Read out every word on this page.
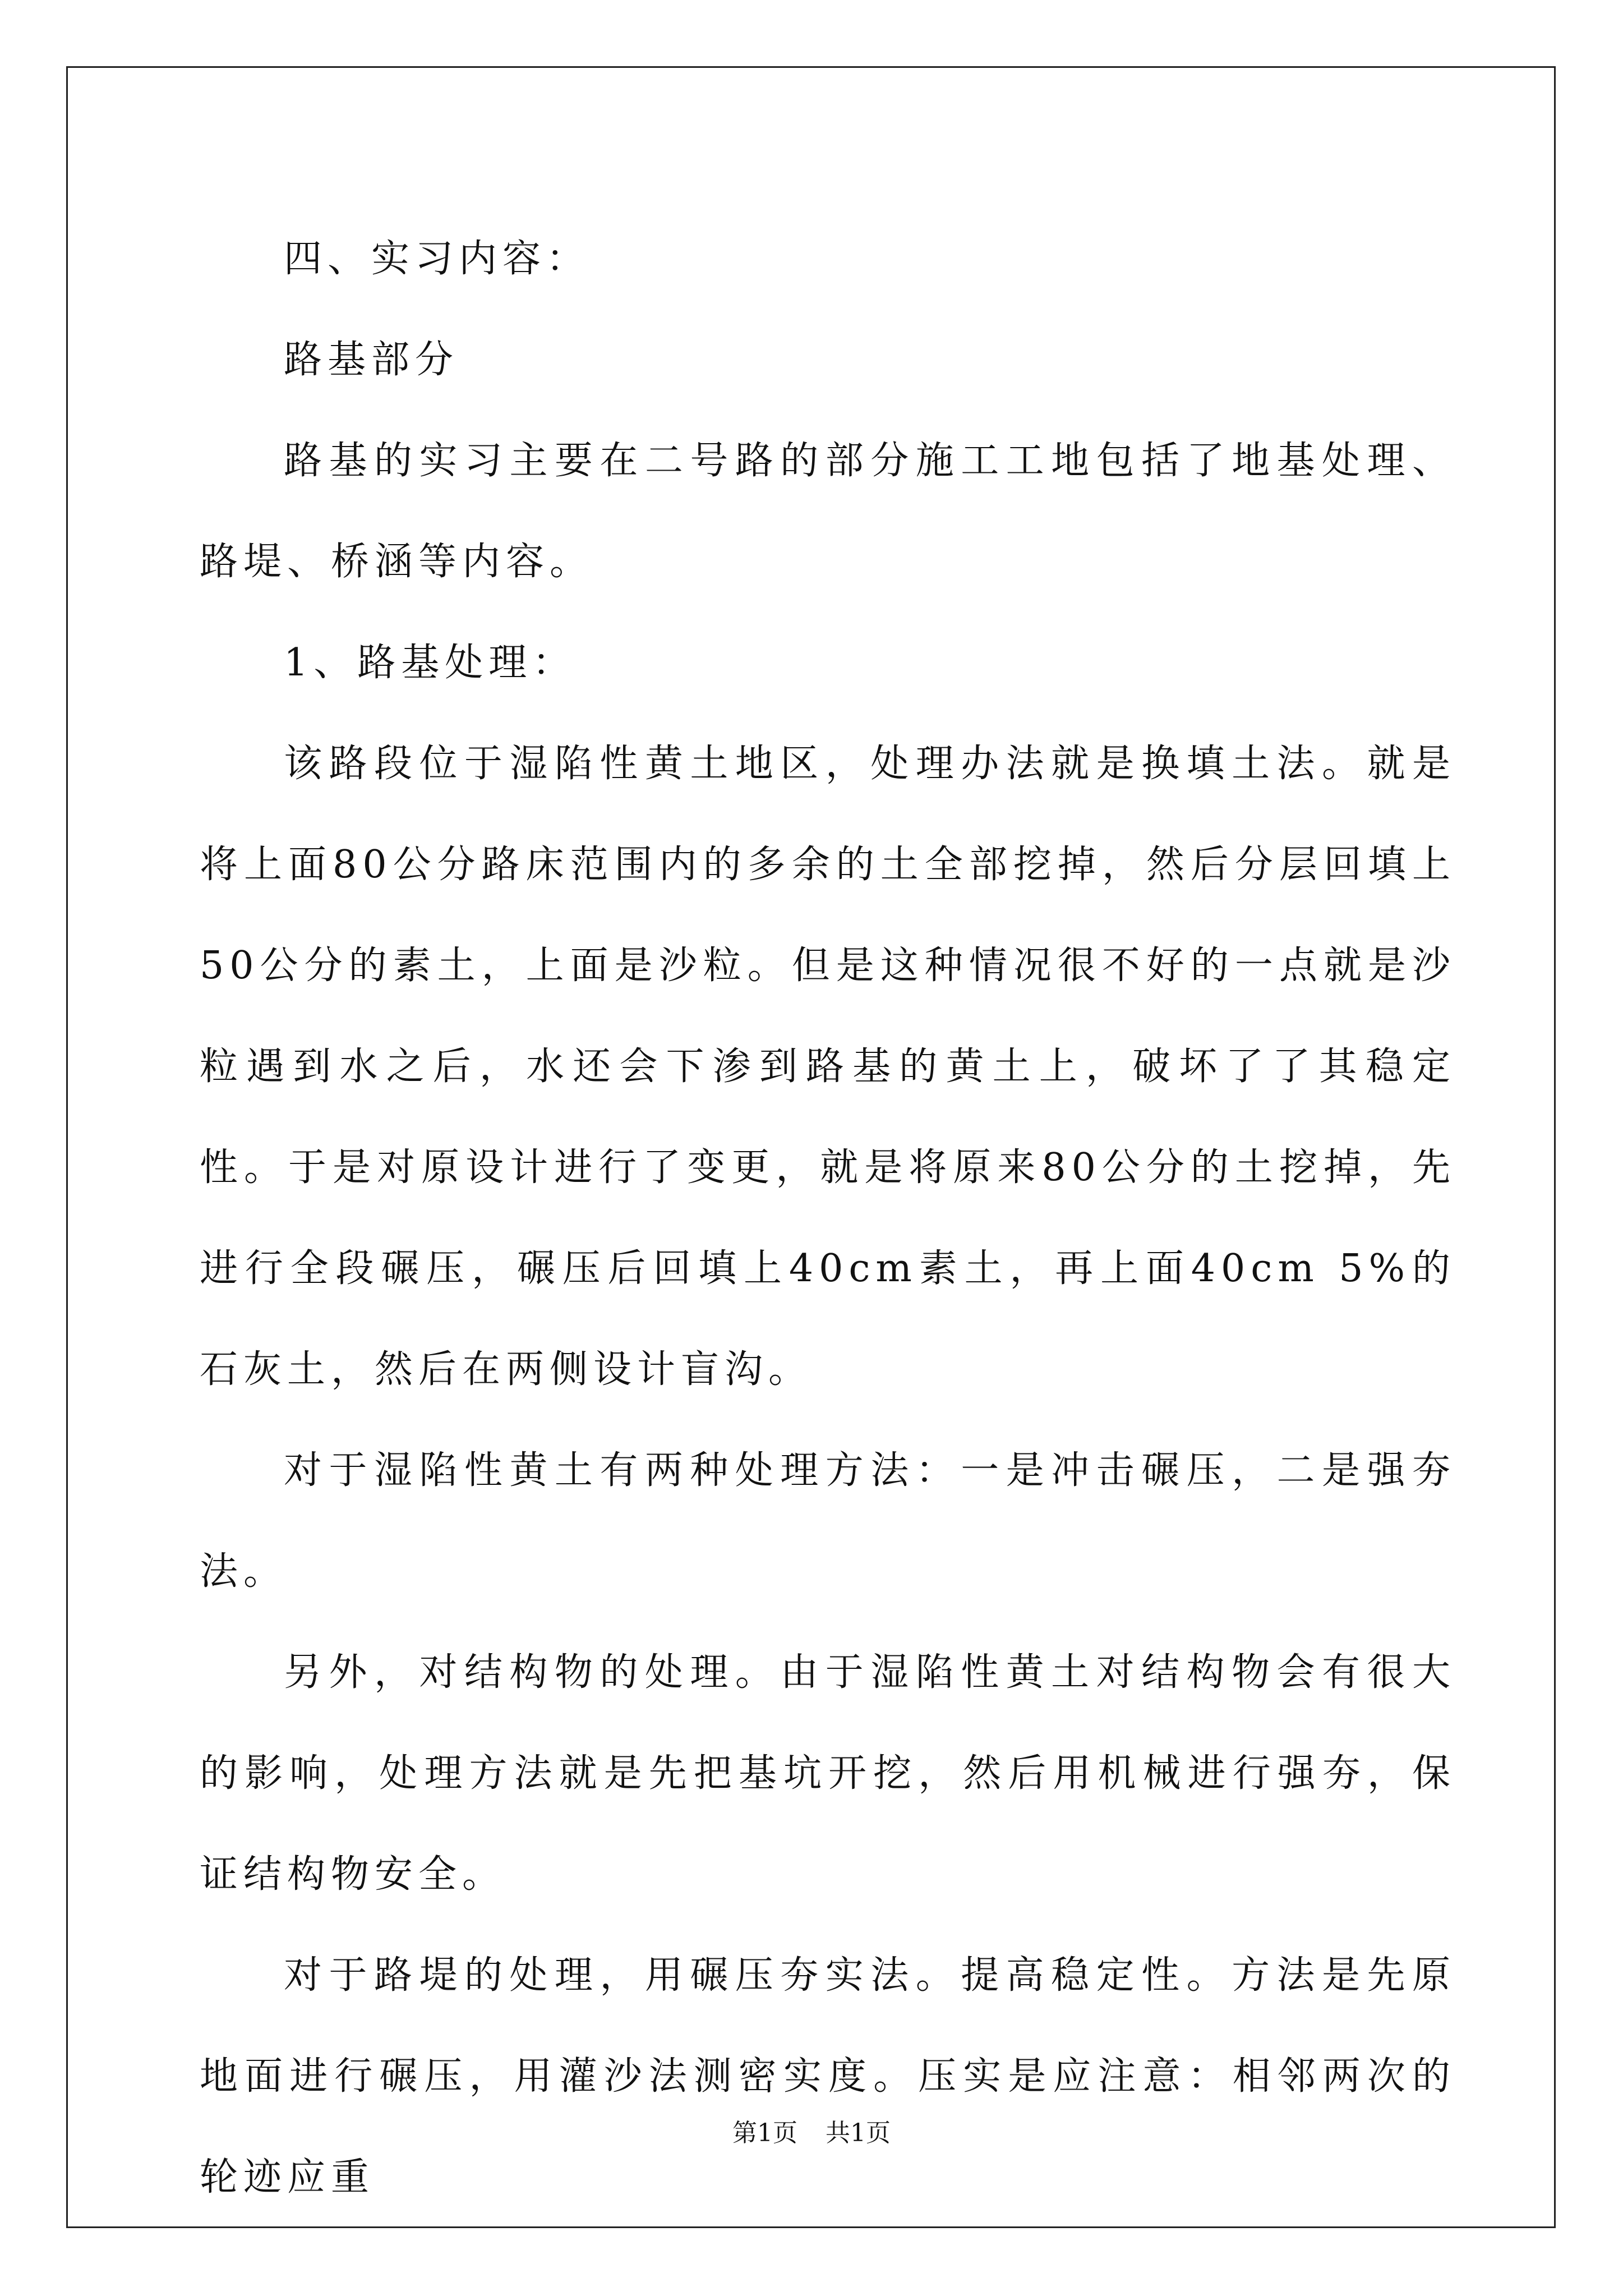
四、实习内容：

路基部分

路基的实习主要在二号路的部分施工工地包括了地基处理、路堤、桥涵等内容。

1、路基处理：

该路段位于湿陷性黄土地区，处理办法就是换填土法。就是将上面80公分路床范围内的多余的土全部挖掉，然后分层回填上50公分的素土，上面是沙粒。但是这种情况很不好的一点就是沙粒遇到水之后，水还会下渗到路基的黄土上，破坏了了其稳定性。于是对原设计进行了变更，就是将原来80公分的土挖掉，先进行全段碾压，碾压后回填上40cm素土，再上面40cm 5%的石灰土，然后在两侧设计盲沟。

对于湿陷性黄土有两种处理方法：一是冲击碾压，二是强夯法。

另外，对结构物的处理。由于湿陷性黄土对结构物会有很大的影响，处理方法就是先把基坑开挖，然后用机械进行强夯，保证结构物安全。

对于路堤的处理，用碾压夯实法。提高稳定性。方法是先原地面进行碾压，用灌沙法测密实度。压实是应注意：相邻两次的轮迹应重

第1页 共1页
